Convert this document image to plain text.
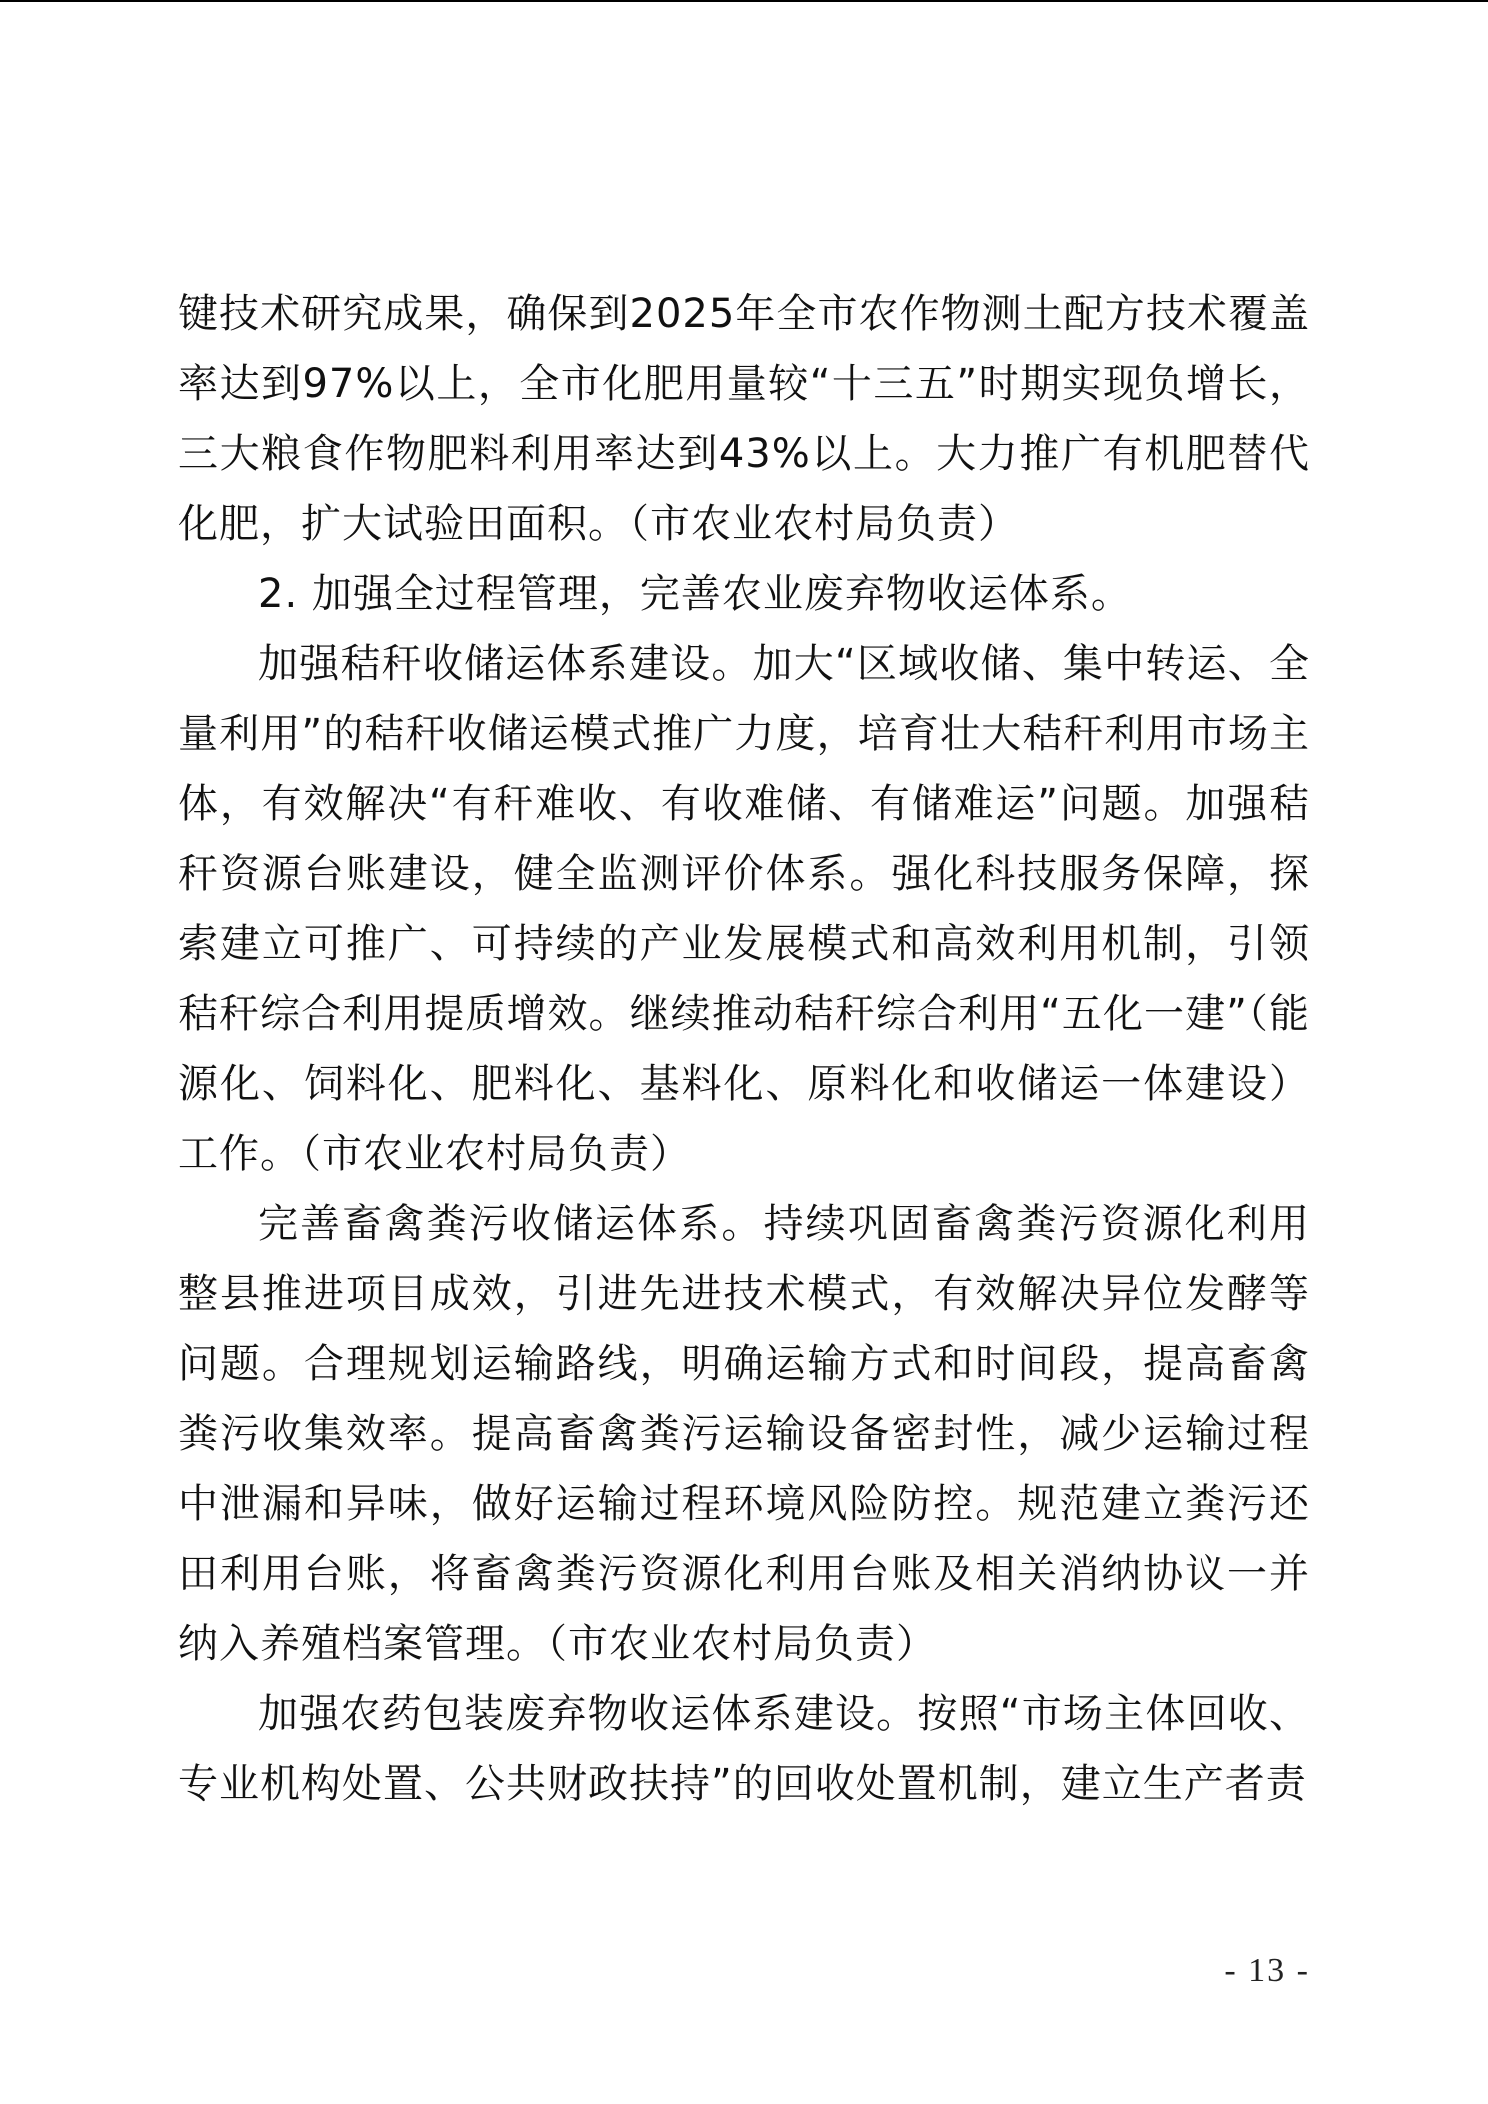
键技术研究成果，确保到2025年全市农作物测土配方技术覆盖率达到97%以上，全市化肥用量较“十三五”时期实现负增长，三大粮食作物肥料利用率达到43%以上。大力推广有机肥替代化肥，扩大试验田面积。（市农业农村局负责）

2. 加强全过程管理，完善农业废弃物收运体系。

加强秸秆收储运体系建设。加大“区域收储、集中转运、全量利用”的秸秆收储运模式推广力度，培育壮大秸秆利用市场主体，有效解决“有秆难收、有收难储、有储难运”问题。加强秸秆资源台账建设，健全监测评价体系。强化科技服务保障，探索建立可推广、可持续的产业发展模式和高效利用机制，引领秸秆综合利用提质增效。继续推动秸秆综合利用“五化一建”（能源化、饲料化、肥料化、基料化、原料化和收储运一体建设）工作。（市农业农村局负责）

完善畜禽粪污收储运体系。持续巩固畜禽粪污资源化利用整县推进项目成效，引进先进技术模式，有效解决异位发酵等问题。合理规划运输路线，明确运输方式和时间段，提高畜禽粪污收集效率。提高畜禽粪污运输设备密封性，减少运输过程中泄漏和异味，做好运输过程环境风险防控。规范建立粪污还田利用台账，将畜禽粪污资源化利用台账及相关消纳协议一并纳入养殖档案管理。（市农业农村局负责）

加强农药包装废弃物收运体系建设。按照“市场主体回收、专业机构处置、公共财政扶持”的回收处置机制，建立生产者责

- 13 -
